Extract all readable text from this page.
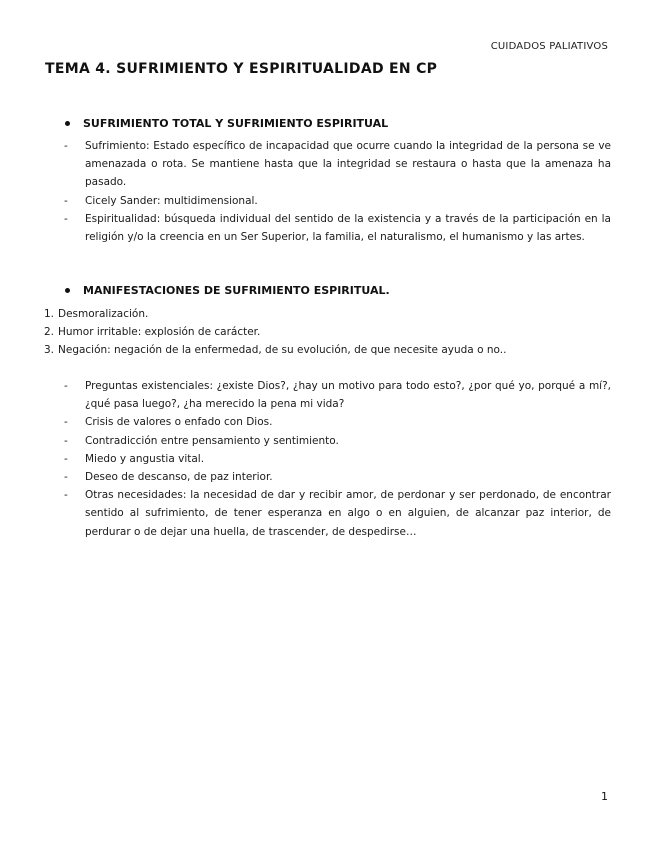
CUIDADOS PALIATIVOS
TEMA 4. SUFRIMIENTO Y ESPIRITUALIDAD EN CP
SUFRIMIENTO TOTAL Y SUFRIMIENTO ESPIRITUAL
- Sufrimiento: Estado específico de incapacidad que ocurre cuando la integridad de la persona se ve amenazada o rota. Se mantiene hasta que la integridad se restaura o hasta que la amenaza ha pasado.
- Cicely Sander: multidimensional.
- Espiritualidad: búsqueda individual del sentido de la existencia y a través de la participación en la religión y/o la creencia en un Ser Superior, la familia, el naturalismo, el humanismo y las artes.
MANIFESTACIONES DE SUFRIMIENTO ESPIRITUAL.
1. Desmoralización.
2. Humor irritable: explosión de carácter.
3. Negación: negación de la enfermedad, de su evolución, de que necesite ayuda o no..
- Preguntas existenciales: ¿existe Dios?, ¿hay un motivo para todo esto?, ¿por qué yo, porqué a mí?, ¿qué pasa luego?, ¿ha merecido la pena mi vida?
- Crisis de valores o enfado con Dios.
- Contradicción entre pensamiento y sentimiento.
- Miedo y angustia vital.
- Deseo de descanso, de paz interior.
- Otras necesidades: la necesidad de dar y recibir amor, de perdonar y ser perdonado, de encontrar sentido al sufrimiento, de tener esperanza en algo o en alguien, de alcanzar paz interior, de perdurar o de dejar una huella, de trascender, de despedirse…
1
